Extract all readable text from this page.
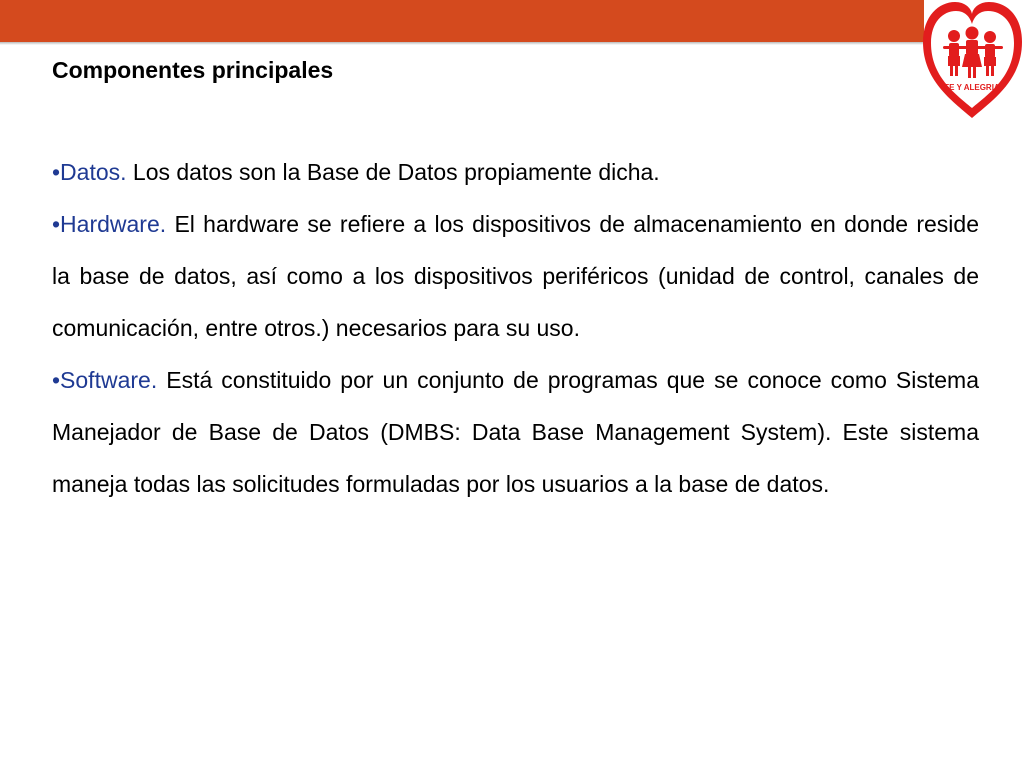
FE Y ALEGRIA

Componentes principales

•Datos. Los datos son la Base de Datos propiamente dicha.

•Hardware. El hardware se refiere a los dispositivos de almacenamiento en donde reside la base de datos, así como a los dispositivos periféricos (unidad de control, canales de comunicación, entre otros.) necesarios para su uso.

•Software. Está constituido por un conjunto de programas que se conoce como Sistema Manejador de Base de Datos (DMBS: Data Base Management System). Este sistema maneja todas las solicitudes formuladas por los usuarios a la base de datos.
